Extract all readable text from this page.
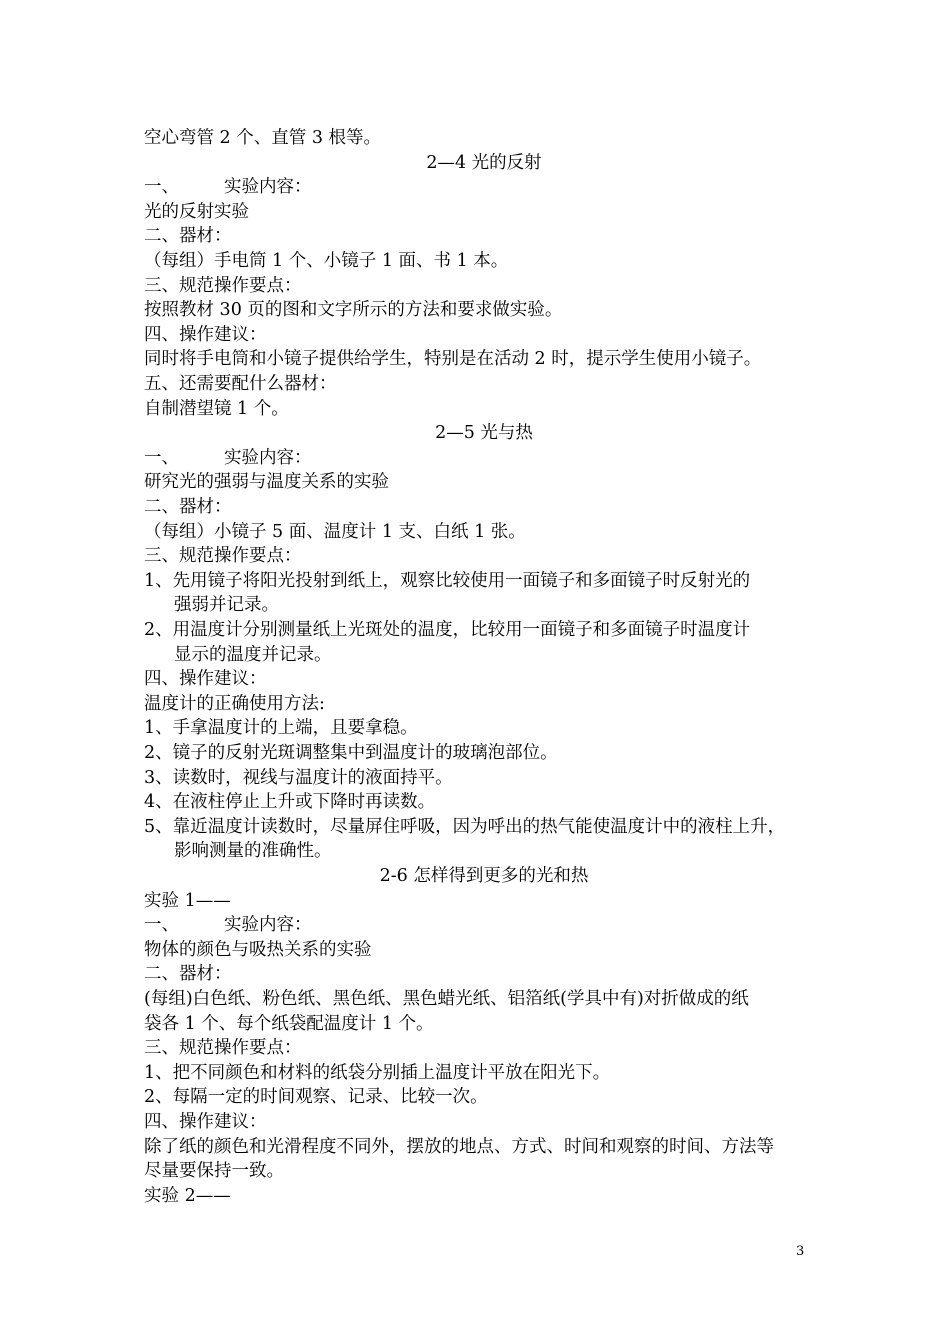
空心弯管 2 个、直管 3 根等。
2—4 光的反射
一、	实验内容：
光的反射实验
二、器材：
（每组）手电筒 1 个、小镜子 1 面、书 1 本。
三、规范操作要点：
按照教材 30 页的图和文字所示的方法和要求做实验。
四、操作建议：
同时将手电筒和小镜子提供给学生，特别是在活动 2 时，提示学生使用小镜子。
五、还需要配什么器材：
自制潜望镜 1 个。
2—5 光与热
一、	实验内容：
研究光的强弱与温度关系的实验
二、器材：
（每组）小镜子 5 面、温度计 1 支、白纸 1 张。
三、规范操作要点：
1、先用镜子将阳光投射到纸上，观察比较使用一面镜子和多面镜子时反射光的
强弱并记录。
2、用温度计分别测量纸上光斑处的温度，比较用一面镜子和多面镜子时温度计
显示的温度并记录。
四、操作建议：
温度计的正确使用方法:
1、手拿温度计的上端，且要拿稳。
2、镜子的反射光斑调整集中到温度计的玻璃泡部位。
3、读数时，视线与温度计的液面持平。
4、在液柱停止上升或下降时再读数。
5、靠近温度计读数时，尽量屏住呼吸，因为呼出的热气能使温度计中的液柱上升，
影响测量的准确性。
2-6 怎样得到更多的光和热
实验 1——
一、	实验内容：
物体的颜色与吸热关系的实验
二、器材：
(每组)白色纸、粉色纸、黑色纸、黑色蜡光纸、铝箔纸(学具中有)对折做成的纸
袋各 1 个、每个纸袋配温度计 1 个。
三、规范操作要点：
1、把不同颜色和材料的纸袋分别插上温度计平放在阳光下。
2、每隔一定的时间观察、记录、比较一次。
四、操作建议：
除了纸的颜色和光滑程度不同外，摆放的地点、方式、时间和观察的时间、方法等
尽量要保持一致。
实验 2——
3
